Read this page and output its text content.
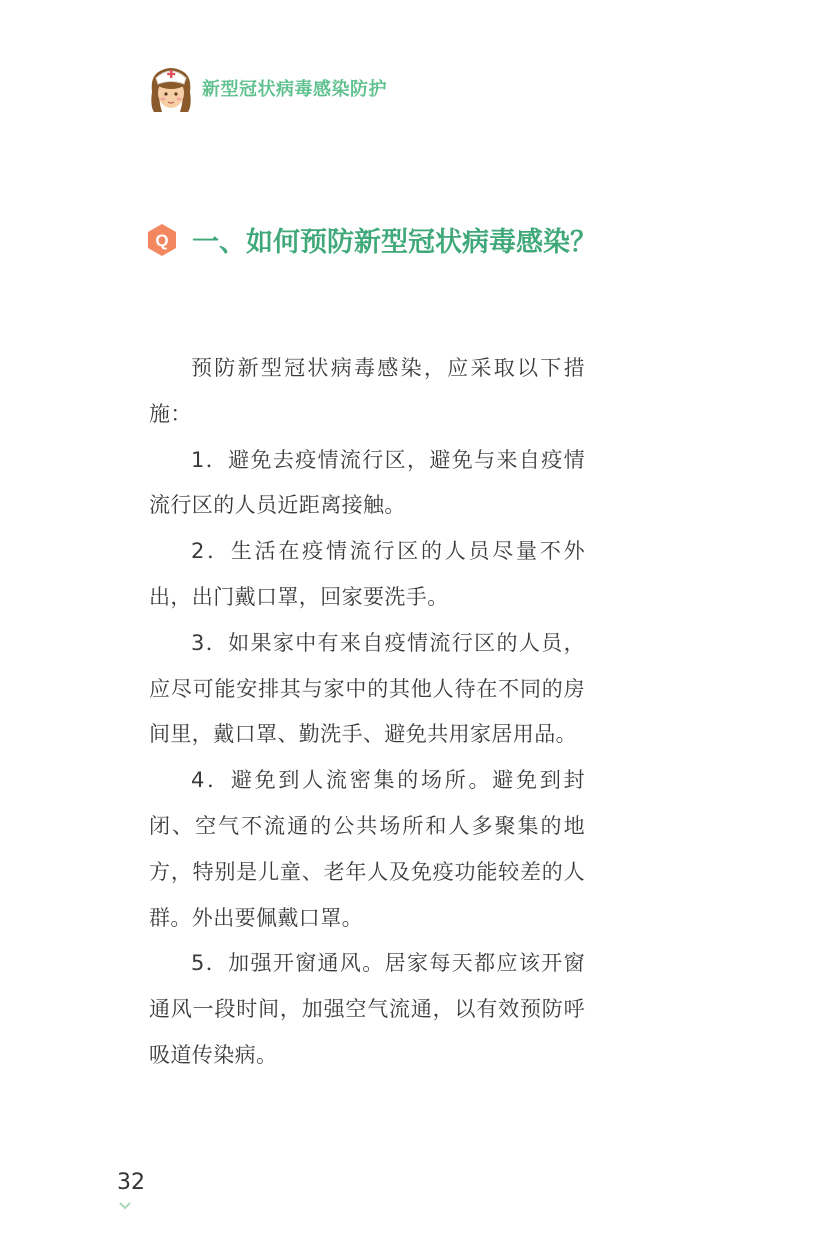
新型冠状病毒感染防护
Q 一、如何预防新型冠状病毒感染？

预防新型冠状病毒感染，应采取以下措施：

1．避免去疫情流行区，避免与来自疫情流行区的人员近距离接触。

2．生活在疫情流行区的人员尽量不外出，出门戴口罩，回家要洗手。

3．如果家中有来自疫情流行区的人员，应尽可能安排其与家中的其他人待在不同的房间里，戴口罩、勤洗手、避免共用家居用品。

4．避免到人流密集的场所。避免到封闭、空气不流通的公共场所和人多聚集的地方，特别是儿童、老年人及免疫功能较差的人群。外出要佩戴口罩。

5．加强开窗通风。居家每天都应该开窗通风一段时间，加强空气流通，以有效预防呼吸道传染病。

32
